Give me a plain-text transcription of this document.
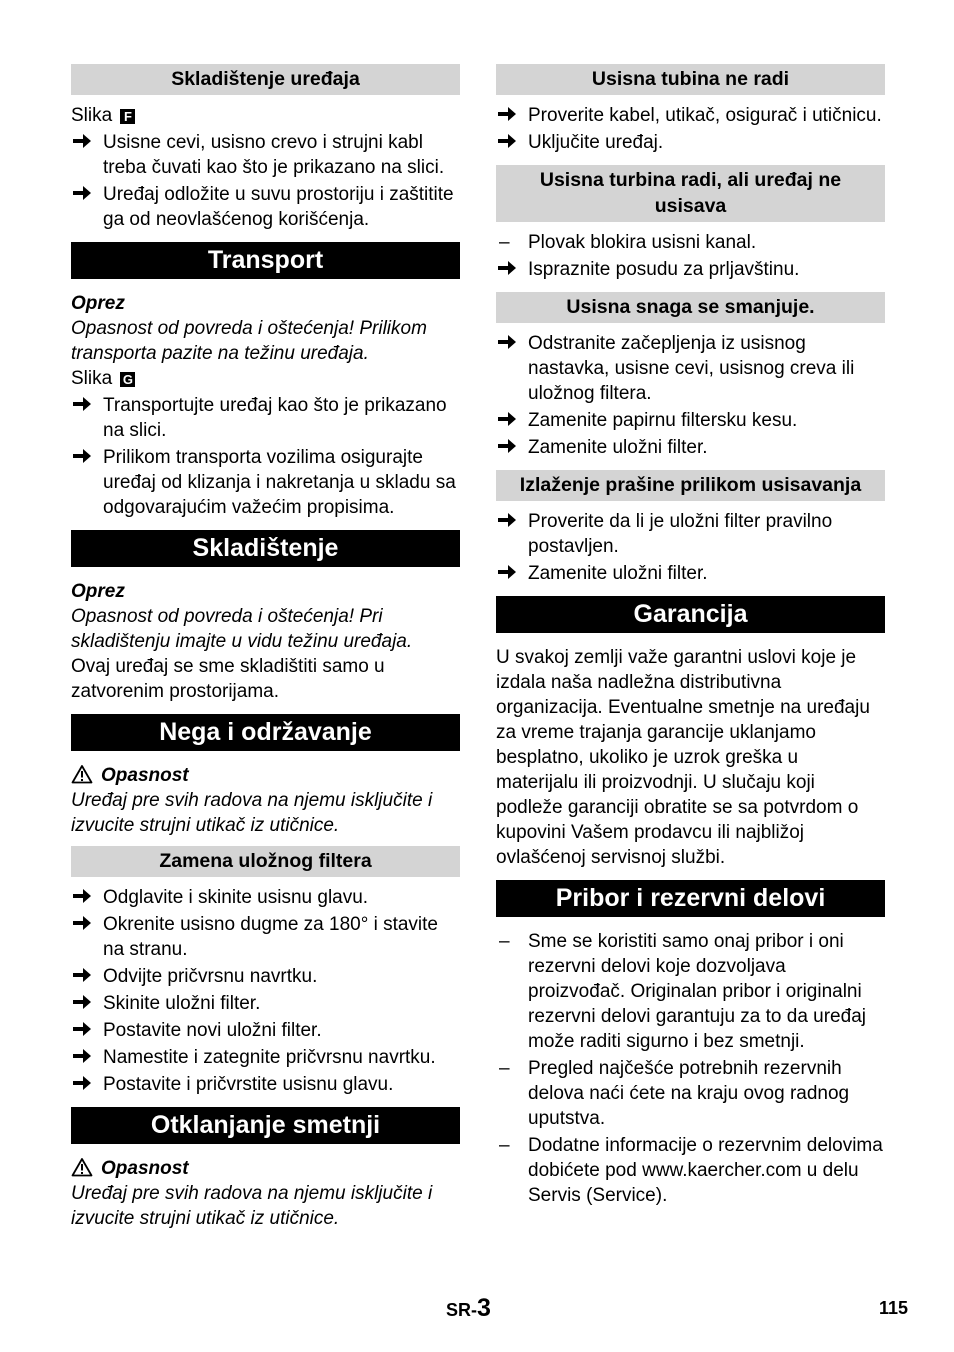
Skladištenje uređaja

Slika F

Usisne cevi, usisno crevo i strujni kabl treba čuvati kao što je prikazano na slici.
Uređaj odložite u suvu prostoriju i zaštitite ga od neovlašćenog korišćenja.
Transport

Oprez

Opasnost od povreda i oštećenja! Prilikom transporta pazite na težinu uređaja.

Slika G

Transportujte uređaj kao što je prikazano na slici.
Prilikom transporta vozilima osigurajte uređaj od klizanja i nakretanja u skladu sa odgovarajućim važećim propisima.
Skladištenje

Oprez

Opasnost od povreda i oštećenja! Pri skladištenju imajte u vidu težinu uređaja.

Ovaj uređaj se sme skladištiti samo u zatvorenim prostorijama.

Nega i održavanje

Opasnost

Uređaj pre svih radova na njemu isključite i izvucite strujni utikač iz utičnice.

Zamena uložnog filtera
Odglavite i skinite usisnu glavu.
Okrenite usisno dugme za 180° i stavite na stranu.
Odvijte pričvrsnu navrtku.
Skinite uložni filter.
Postavite novi uložni filter.
Namestite i zategnite pričvrsnu navrtku.
Postavite i pričvrstite usisnu glavu.
Otklanjanje smetnji

Opasnost

Uređaj pre svih radova na njemu isključite i izvucite strujni utikač iz utičnice.

Usisna tubina ne radi
Proverite kabel, utikač, osigurač i utičnicu.
Uključite uređaj.
Usisna turbina radi, ali uređaj ne usisava
– Plovak blokira usisni kanal.
Ispraznite posudu za prljavštinu.
Usisna snaga se smanjuje.
Odstranite začepljenja iz usisnog nastavka, usisne cevi, usisnog creva ili uložnog filtera.
Zamenite papirnu filtersku kesu.
Zamenite uložni filter.
Izlaženje prašine prilikom usisavanja
Proverite da li je uložni filter pravilno postavljen.
Zamenite uložni filter.
Garancija

U svakoj zemlji važe garantni uslovi koje je izdala naša nadležna distributivna organizacija. Eventualne smetnje na uređaju za vreme trajanja garancije uklanjamo besplatno, ukoliko je uzrok greška u materijalu ili proizvodnji. U slučaju koji podleže garanciji obratite se sa potvrdom o kupovini Vašem prodavcu ili najbližoj ovlašćenoj servisnoj službi.

Pribor i rezervni delovi
– Sme se koristiti samo onaj pribor i oni rezervni delovi koje dozvoljava proizvođač. Originalan pribor i originalni rezervni delovi garantuju za to da uređaj može raditi sigurno i bez smetnji.
– Pregled najčešće potrebnih rezervnih delova naći ćete na kraju ovog radnog uputstva.
– Dodatne informacije o rezervnim delovima dobićete pod www.kaercher.com u delu Servis (Service).
SR-3	115
